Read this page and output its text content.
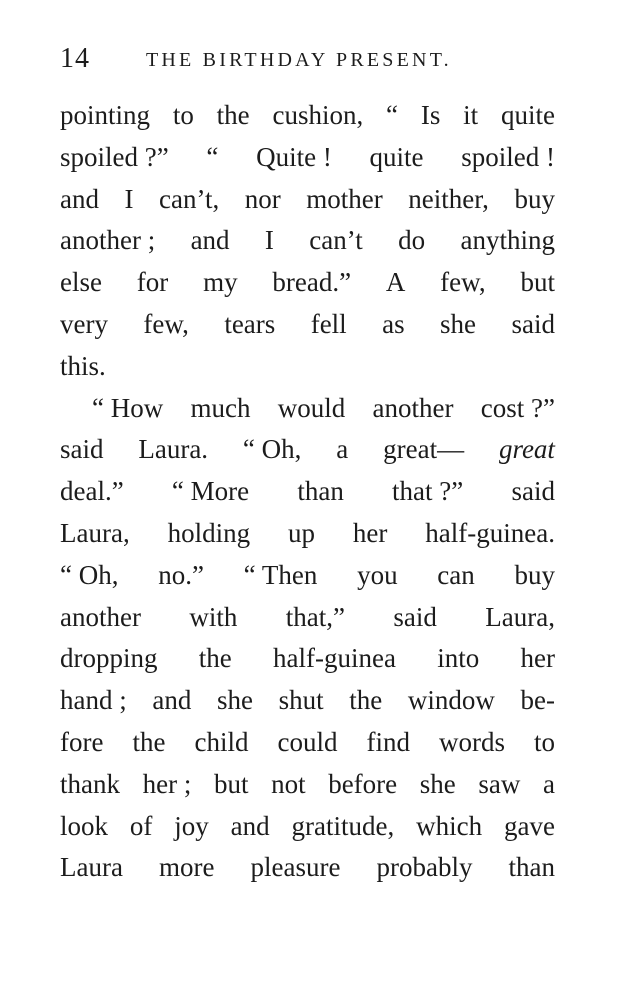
14	THE BIRTHDAY PRESENT.
pointing to the cushion, “ Is it quite
spoiled ?” “ Quite ! quite spoiled !
and I can’t, nor mother neither, buy
another ; and I can’t do anything
else for my bread.” A few, but
very few, tears fell as she said
this.
“ How much would another cost ?”
said Laura. “ Oh, a great— great
deal.” “ More than that ?” said
Laura, holding up her half-guinea.
“ Oh, no.” “ Then you can buy
another with that,” said Laura,
dropping the half-guinea into her
hand ; and she shut the window be-
fore the child could find words to
thank her ; but not before she saw a
look of joy and gratitude, which gave
Laura more pleasure probably than
